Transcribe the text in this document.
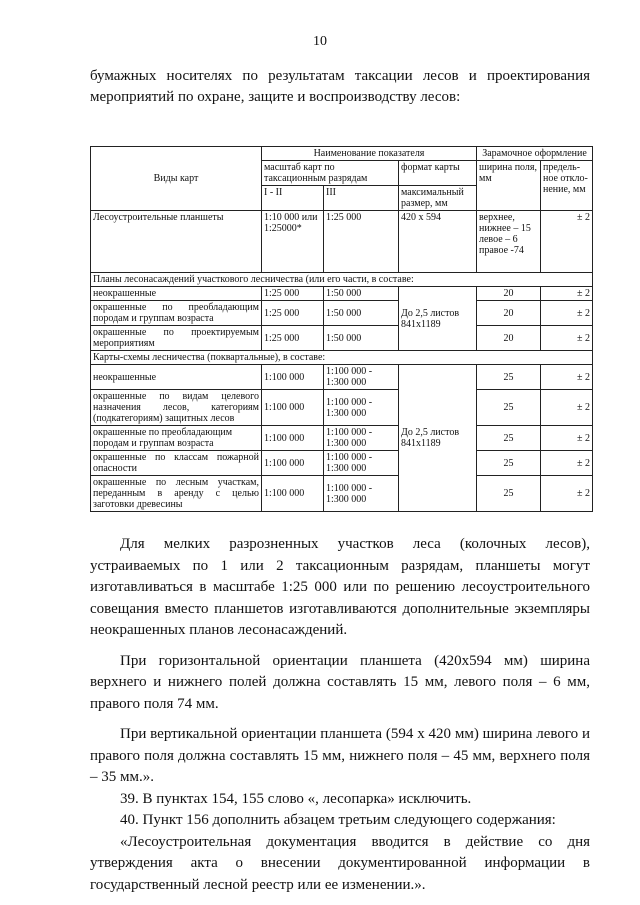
10
бумажных носителях по результатам таксации лесов и проектирования мероприятий по охране, защите и воспроизводству лесов:
Виды карт	Наименование показателя			Зарамочное оформление	
	масштаб карт по таксационным разрядам		формат карты	ширина поля, мм	предель-ное откло-нение, мм
	I - II	III	максимальный размер, мм		
Лесоустроительные планшеты	1:10 000 или 1:25000*	1:25 000	420 х 594	верхнее, нижнее – 15 левое – 6 правое -74	± 2
Планы лесонасаждений участкового лесничества (или его части, в составе:					
неокрашенные	1:25 000	1:50 000	До 2,5 листов 841х1189	20	± 2
окрашенные по преобладающим породам и группам возраста	1:25 000	1:50 000		20	± 2
окрашенные по проектируемым мероприятиям	1:25 000	1:50 000		20	± 2
Карты-схемы лесничества (поквартальные), в составе:					
неокрашенные	1:100 000	1:100 000 - 1:300 000	До 2,5 листов 841х1189	25	± 2
окрашенные по видам целевого назначения лесов, категориям (подкатегориям) защитных лесов	1:100 000	1:100 000 - 1:300 000		25	± 2
окрашенные по преобладающим породам и группам возраста	1:100 000	1:100 000 - 1:300 000		25	± 2
окрашенные по классам пожарной опасности	1:100 000	1:100 000 - 1:300 000		25	± 2
окрашенные по лесным участкам, переданным в аренду с целью заготовки древесины	1:100 000	1:100 000 - 1:300 000		25	± 2

Для мелких разрозненных участков леса (колочных лесов), устраиваемых по 1 или 2 таксационным разрядам, планшеты могут изготавливаться в масштабе 1:25 000 или по решению лесоустроительного совещания вместо планшетов изготавливаются дополнительные экземпляры неокрашенных планов лесонасаждений.

При горизонтальной ориентации планшета (420х594 мм) ширина верхнего и нижнего полей должна составлять 15 мм, левого поля – 6 мм, правого поля 74 мм.

При вертикальной ориентации планшета (594 х 420 мм) ширина левого и правого поля должна составлять 15 мм, нижнего поля – 45 мм, верхнего поля – 35 мм.».

39. В пунктах 154, 155 слово «, лесопарка» исключить.

40. Пункт 156 дополнить абзацем третьим следующего содержания:

«Лесоустроительная документация вводится в действие со дня утверждения акта о внесении документированной информации в государственный лесной реестр или ее изменении.».
